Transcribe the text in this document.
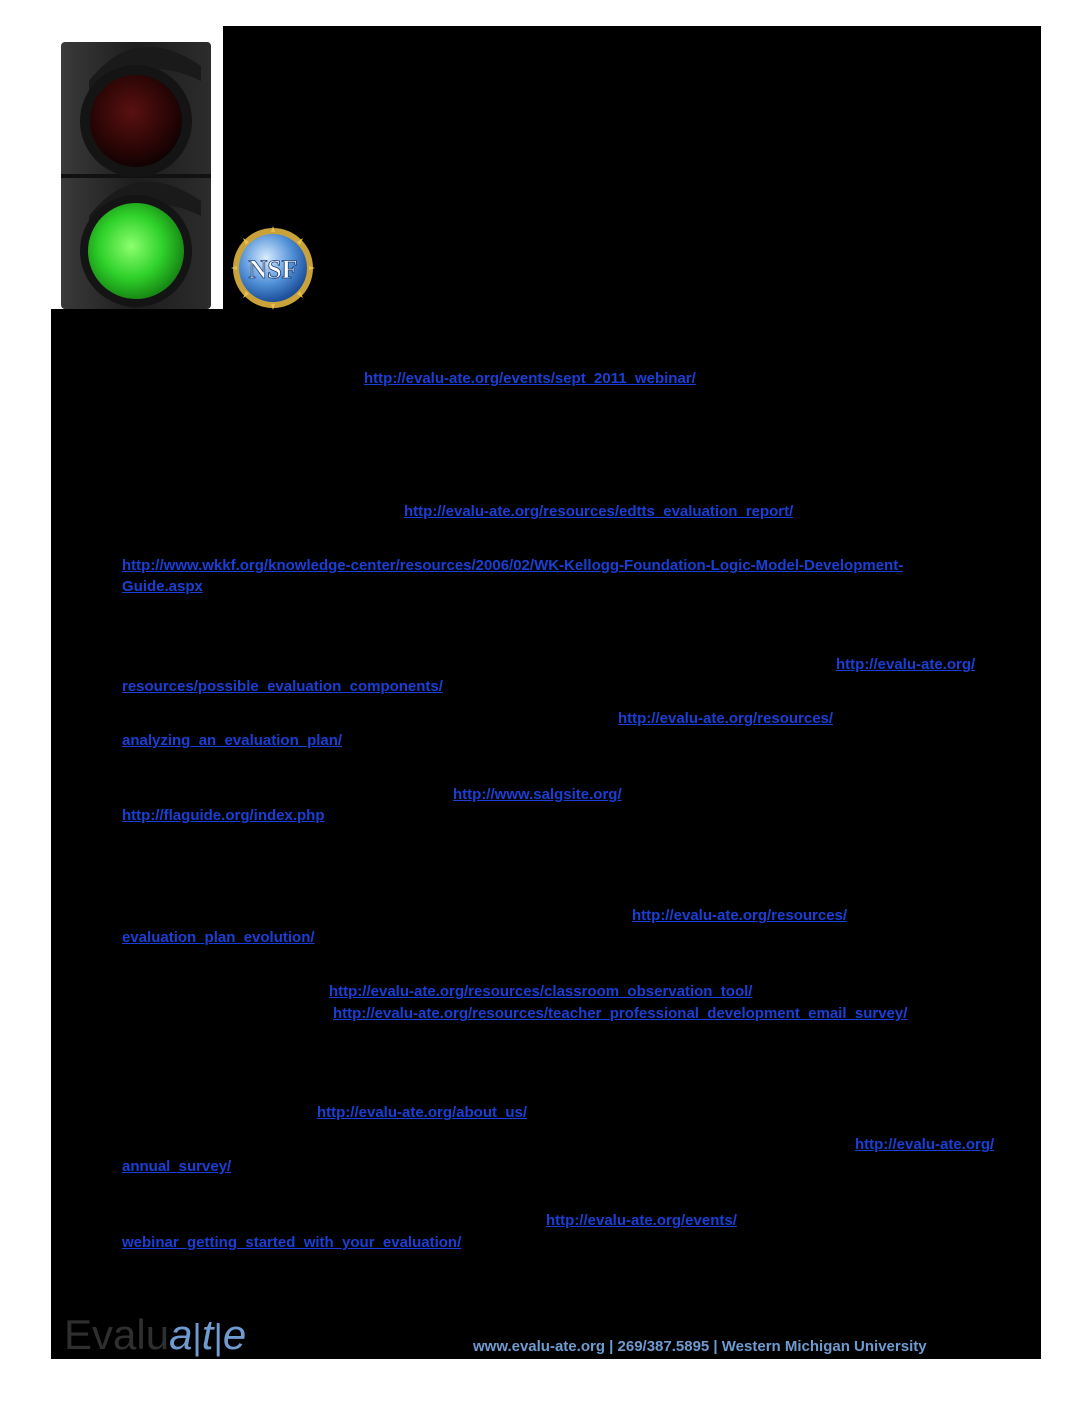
NSF
http://evalu-ate.org/events/sept_2011_webinar/
http://evalu-ate.org/resources/edtts_evaluation_report/
http://www.wkkf.org/knowledge-center/resources/2006/02/WK-Kellogg-Foundation-Logic-Model-Development-
Guide.aspx
http://evalu-ate.org/
resources/possible_evaluation_components/
http://evalu-ate.org/resources/
analyzing_an_evaluation_plan/
http://www.salgsite.org/
http://flaguide.org/index.php
http://evalu-ate.org/resources/
evaluation_plan_evolution/
http://evalu-ate.org/resources/classroom_observation_tool/
http://evalu-ate.org/resources/teacher_professional_development_email_survey/
http://evalu-ate.org/about_us/
http://evalu-ate.org/
annual_survey/
http://evalu-ate.org/events/
webinar_getting_started_with_your_evaluation/
Evalua|t|e	www.evalu-ate.org | 269/387.5895 | Western Michigan University
